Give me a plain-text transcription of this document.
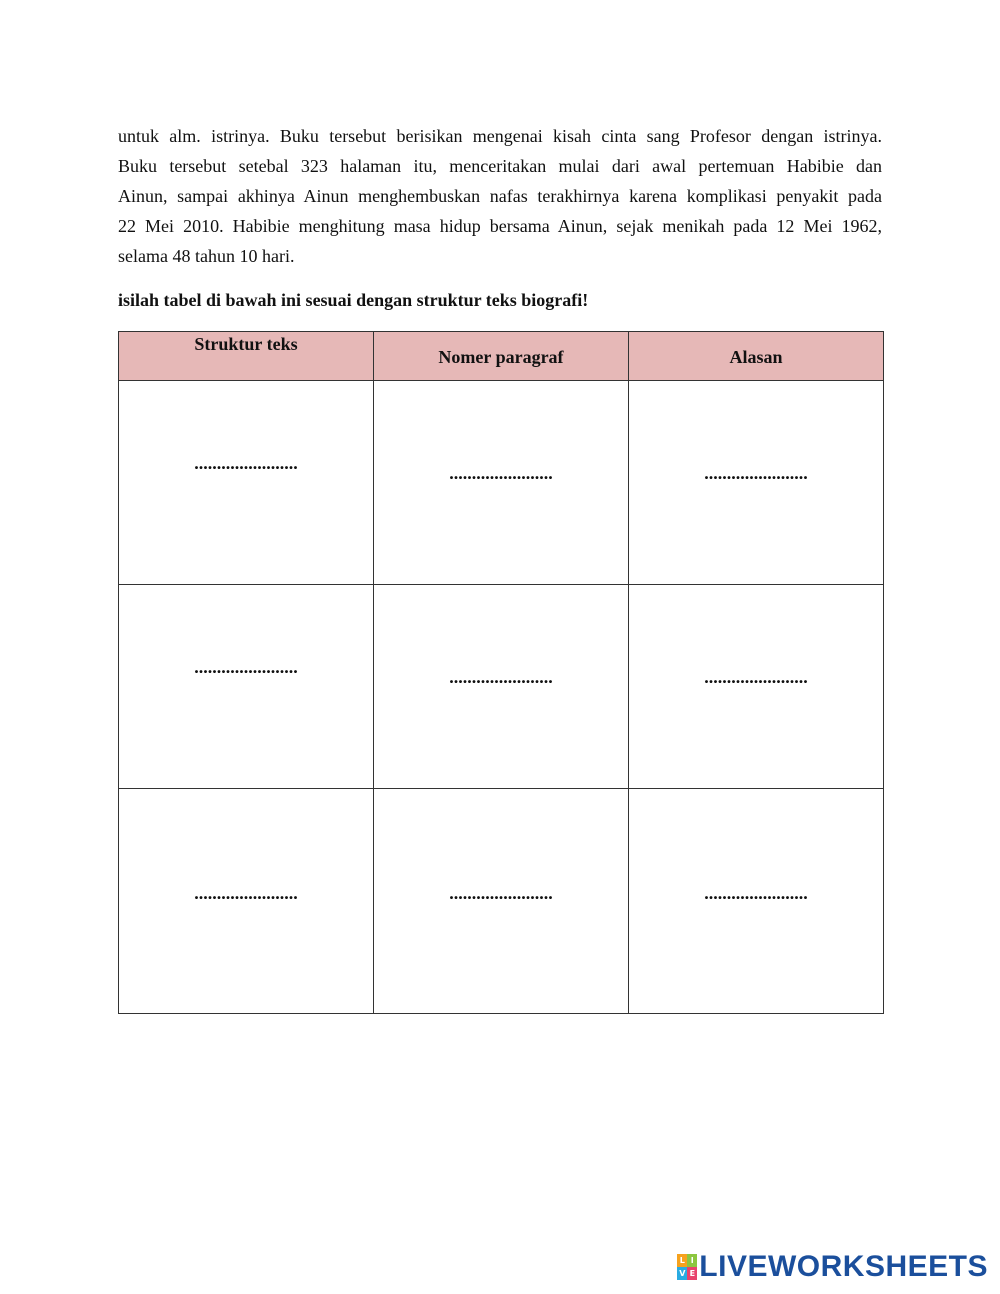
untuk alm. istrinya. Buku tersebut berisikan mengenai kisah cinta sang Profesor dengan istrinya.
Buku tersebut setebal 323 halaman itu, menceritakan mulai dari awal pertemuan Habibie dan
Ainun, sampai akhinya Ainun menghembuskan nafas terakhirnya karena komplikasi penyakit pada
22 Mei 2010. Habibie menghitung masa hidup bersama Ainun, sejak menikah pada 12 Mei 1962,
selama 48 tahun 10 hari.

isilah tabel di bawah ini sesuai dengan struktur teks biografi!

Struktur teks	Nomer paragraf	Alasan

.......................	.......................	.......................

.......................	.......................	.......................

.......................	.......................	.......................
L I
V E LIVEWORKSHEETS
